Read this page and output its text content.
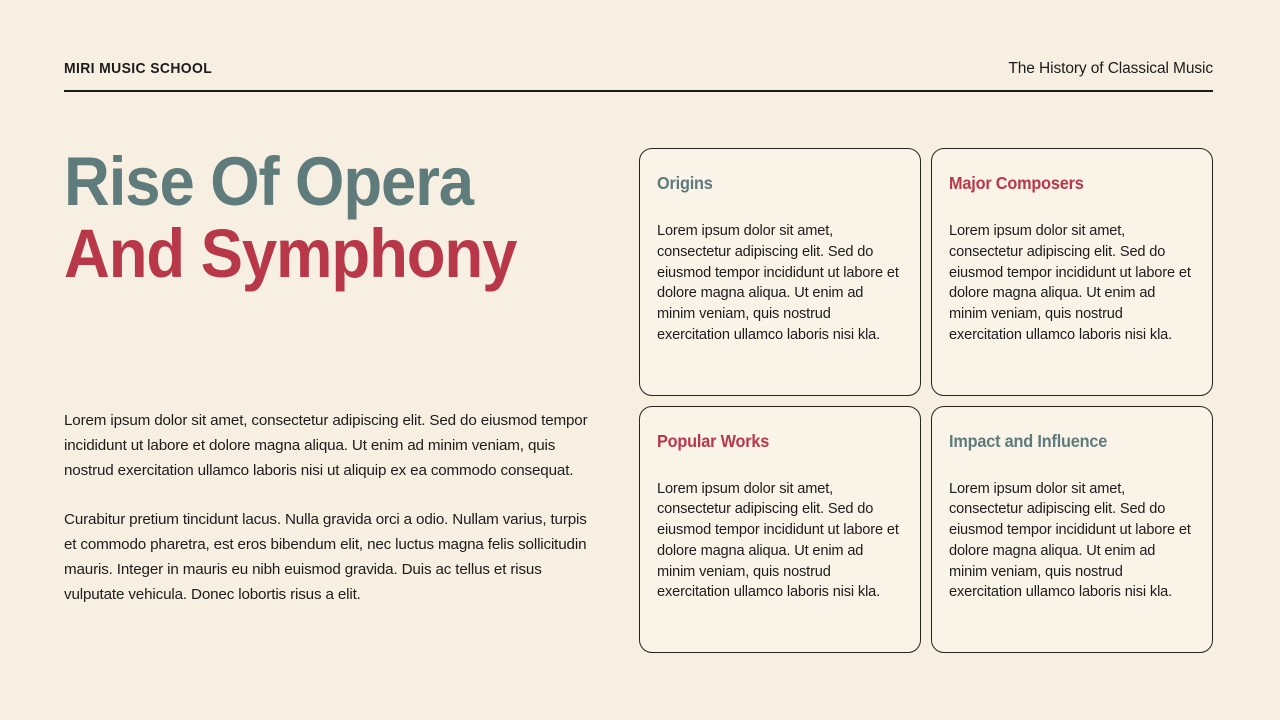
MIRI MUSIC SCHOOL	The History of Classical Music
Rise Of Opera
And Symphony

Lorem ipsum dolor sit amet, consectetur adipiscing elit. Sed do eiusmod tempor incididunt ut labore et dolore magna aliqua. Ut enim ad minim veniam, quis nostrud exercitation ullamco laboris nisi ut aliquip ex ea commodo consequat.

Curabitur pretium tincidunt lacus. Nulla gravida orci a odio. Nullam varius, turpis et commodo pharetra, est eros bibendum elit, nec luctus magna felis sollicitudin mauris. Integer in mauris eu nibh euismod gravida. Duis ac tellus et risus vulputate vehicula. Donec lobortis risus a elit.

Origins
Lorem ipsum dolor sit amet, consectetur adipiscing elit. Sed do eiusmod tempor incididunt ut labore et dolore magna aliqua. Ut enim ad minim veniam, quis nostrud exercitation ullamco laboris nisi kla.
Major Composers
Lorem ipsum dolor sit amet, consectetur adipiscing elit. Sed do eiusmod tempor incididunt ut labore et dolore magna aliqua. Ut enim ad minim veniam, quis nostrud exercitation ullamco laboris nisi kla.
Popular Works
Lorem ipsum dolor sit amet, consectetur adipiscing elit. Sed do eiusmod tempor incididunt ut labore et dolore magna aliqua. Ut enim ad minim veniam, quis nostrud exercitation ullamco laboris nisi kla.
Impact and Influence
Lorem ipsum dolor sit amet, consectetur adipiscing elit. Sed do eiusmod tempor incididunt ut labore et dolore magna aliqua. Ut enim ad minim veniam, quis nostrud exercitation ullamco laboris nisi kla.
